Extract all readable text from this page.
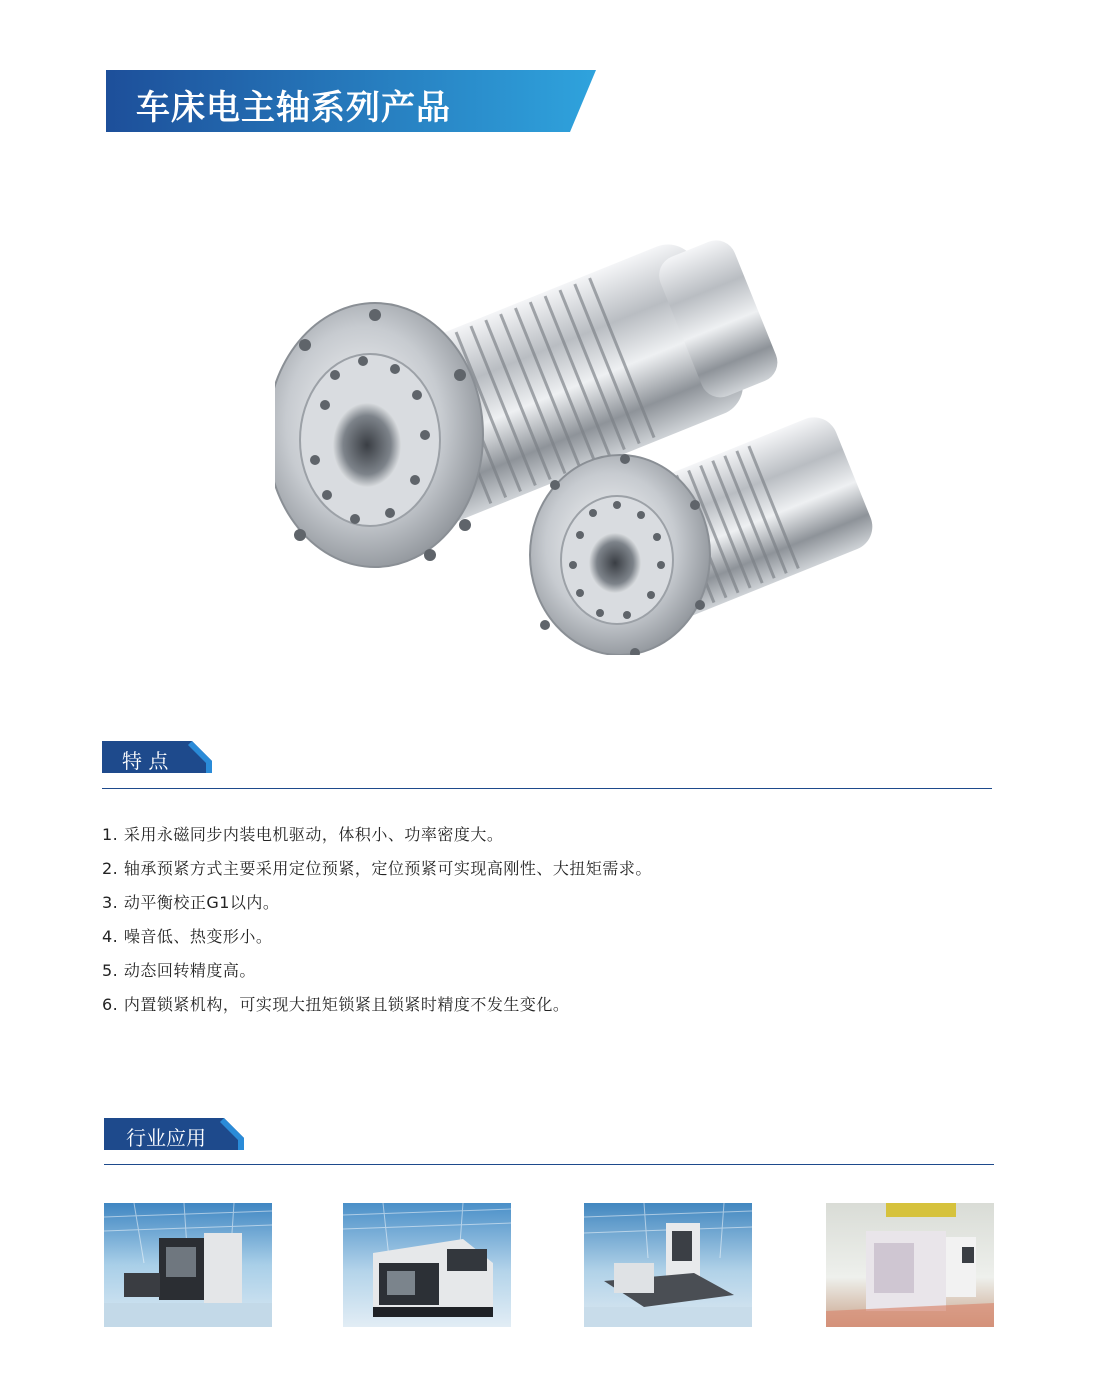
车床电主轴系列产品
特 点
1. 采用永磁同步内装电机驱动，体积小、功率密度大。
2. 轴承预紧方式主要采用定位预紧，定位预紧可实现高刚性、大扭矩需求。
3. 动平衡校正G1以内。
4. 噪音低、热变形小。
5. 动态回转精度高。
6. 内置锁紧机构，可实现大扭矩锁紧且锁紧时精度不发生变化。
行业应用
